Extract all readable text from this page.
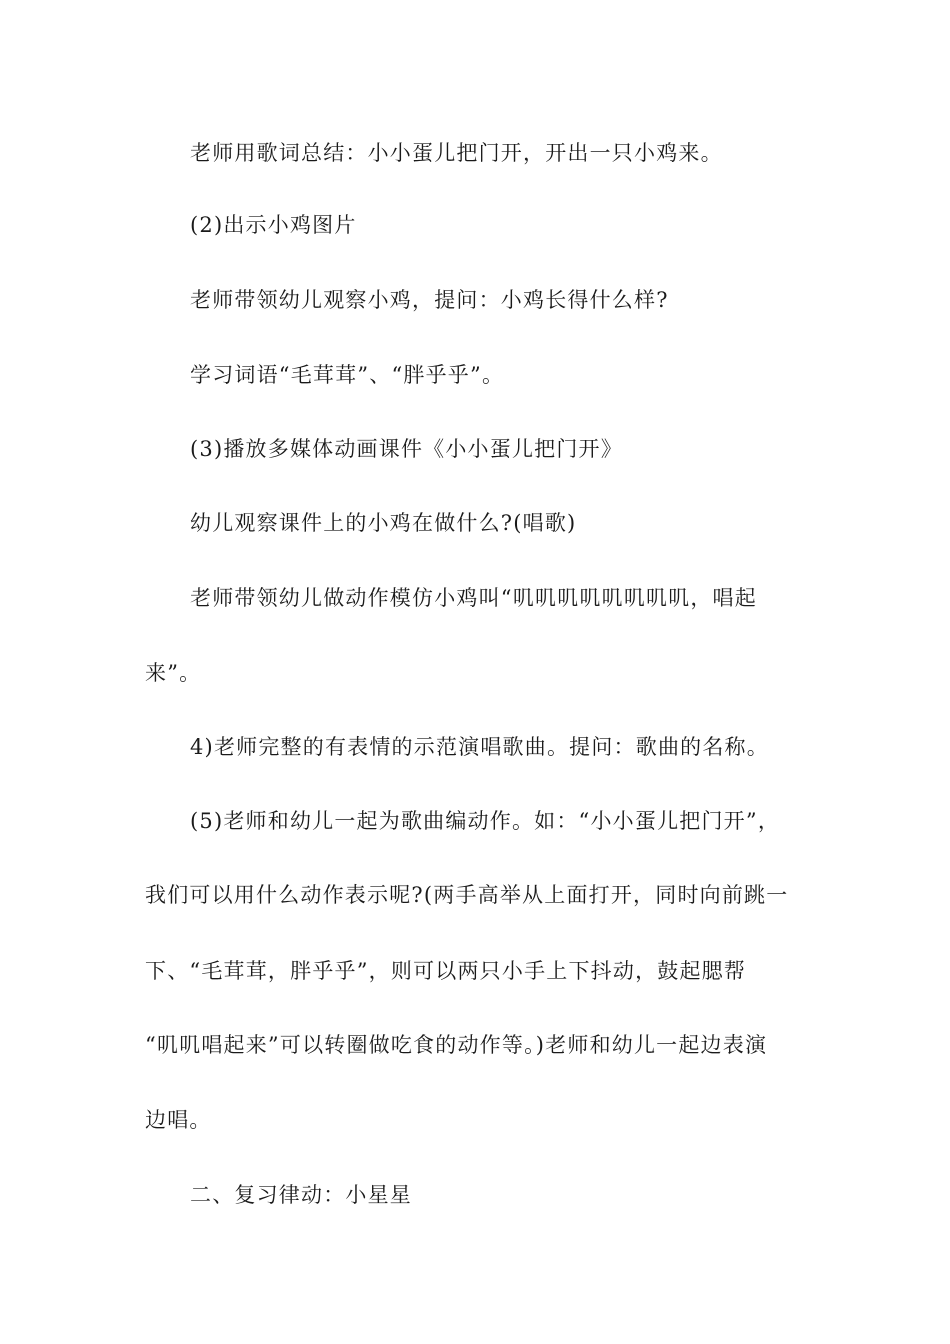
老师用歌词总结：小小蛋儿把门开，开出一只小鸡来。

(2)出示小鸡图片

老师带领幼儿观察小鸡，提问：小鸡长得什么样?

学习词语“毛茸茸”、“胖乎乎”。

(3)播放多媒体动画课件《小小蛋儿把门开》

幼儿观察课件上的小鸡在做什么?(唱歌)

老师带领幼儿做动作模仿小鸡叫“叽叽叽叽叽叽叽叽，唱起

来”。

4)老师完整的有表情的示范演唱歌曲。提问：歌曲的名称。

(5)老师和幼儿一起为歌曲编动作。如：“小小蛋儿把门开”，

我们可以用什么动作表示呢?(两手高举从上面打开，同时向前跳一

下、“毛茸茸，胖乎乎”，则可以两只小手上下抖动，鼓起腮帮

“叽叽唱起来”可以转圈做吃食的动作等。)老师和幼儿一起边表演

边唱。

二、复习律动：小星星
